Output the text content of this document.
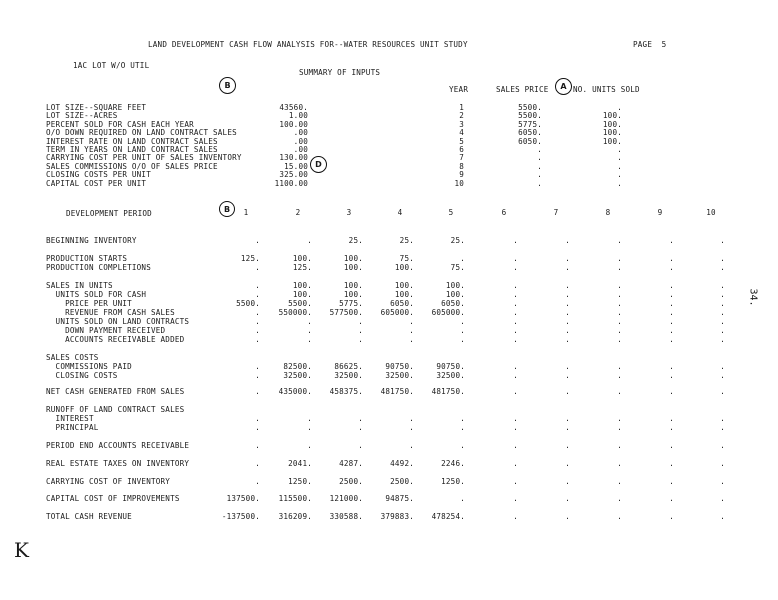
LAND DEVELOPMENT CASH FLOW ANALYSIS FOR--WATER RESOURCES UNIT STUDY	PAGE  5
1AC LOT W/O UTIL
SUMMARY OF INPUTS
B	A
D
B
YEAR	SALES PRICE	NO. UNITS SOLD
LOT SIZE--SQUARE FEET	43560.
LOT SIZE--ACRES	1.00
PERCENT SOLD FOR CASH EACH YEAR	100.00
O/O DOWN REQUIRED ON LAND CONTRACT SALES	.00
INTEREST RATE ON LAND CONTRACT SALES	.00
TERM IN YEARS ON LAND CONTRACT SALES	.00
CARRYING COST PER UNIT OF SALES INVENTORY	130.00
SALES COMMISSIONS O/O OF SALES PRICE	15.00
CLOSING COSTS PER UNIT	325.00
CAPITAL COST PER UNIT	1100.00
1	5500.	.
2	5500.	100.
3	5775.	100.
4	6050.	100.
5	6050.	100.
6	.	.
7	.	.
8	.	.
9	.	.
10	.	.
DEVELOPMENT PERIOD	1	2	3	4	5	6	7	8	9	10
BEGINNING INVENTORY	.	.	25.	25.	25.	.	.	.	.	.
PRODUCTION STARTS	125.	100.	100.	75.	.	.	.	.	.	.
PRODUCTION COMPLETIONS	.	125.	100.	100.	75.	.	.	.	.	.
SALES IN UNITS	.	100.	100.	100.	100.	.	.	.	.	.
UNITS SOLD FOR CASH	.	100.	100.	100.	100.	.	.	.	.	.
PRICE PER UNIT	5500.	5500.	5775.	6050.	6050.	.	.	.	.	.
REVENUE FROM CASH SALES	.	550000.	577500.	605000.	605000.	.	.	.	.	.
UNITS SOLD ON LAND CONTRACTS	.	.	.	.	.	.	.	.	.	.
DOWN PAYMENT RECEIVED	.	.	.	.	.	.	.	.	.	.
ACCOUNTS RECEIVABLE ADDED	.	.	.	.	.	.	.	.	.	.
SALES COSTS
COMMISSIONS PAID	.	82500.	86625.	90750.	90750.	.	.	.	.	.
CLOSING COSTS	.	32500.	32500.	32500.	32500.	.	.	.	.	.
NET CASH GENERATED FROM SALES	.	435000.	458375.	481750.	481750.	.	.	.	.	.
RUNOFF OF LAND CONTRACT SALES
INTEREST	.	.	.	.	.	.	.	.	.	.
PRINCIPAL	.	.	.	.	.	.	.	.	.	.
PERIOD END ACCOUNTS RECEIVABLE	.	.	.	.	.	.	.	.	.	.
REAL ESTATE TAXES ON INVENTORY	.	2041.	4287.	4492.	2246.	.	.	.	.	.
CARRYING COST OF INVENTORY	.	1250.	2500.	2500.	1250.	.	.	.	.	.
CAPITAL COST OF IMPROVEMENTS	137500.	115500.	121000.	94875.	.	.	.	.	.	.
TOTAL CASH REVENUE	-137500.	316209.	330588.	379883.	478254.	.	.	.	.	.
34.
K
